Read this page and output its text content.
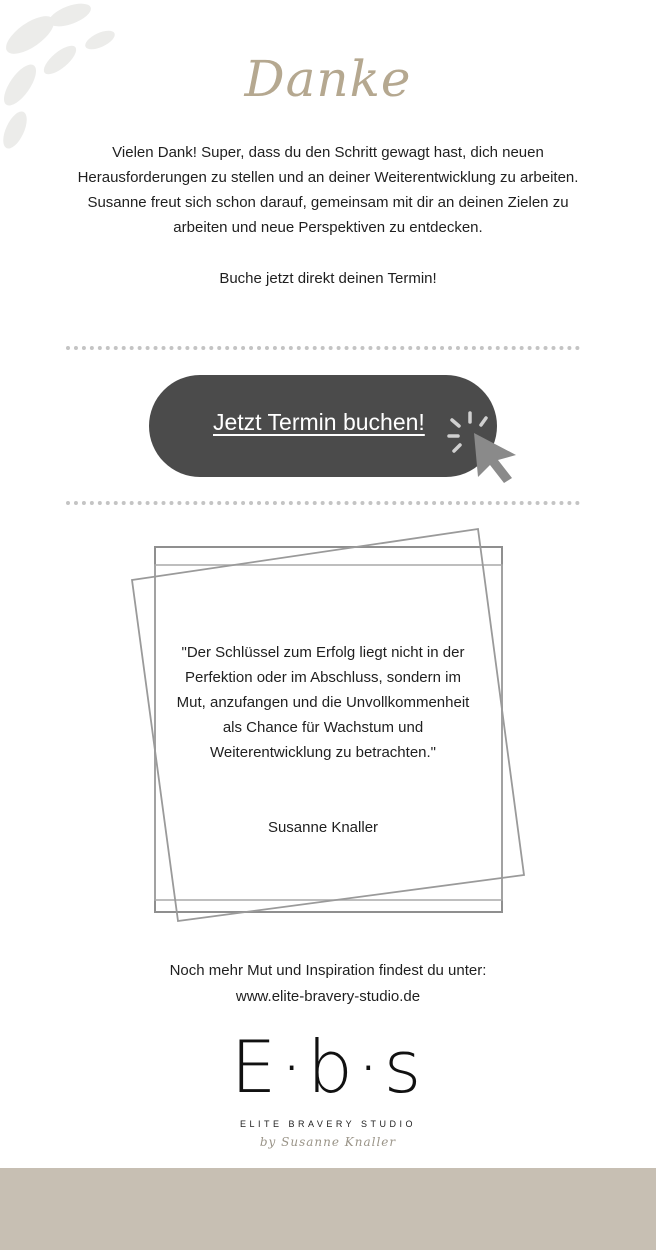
Danke
Vielen Dank! Super, dass du den Schritt gewagt hast, dich neuen Herausforderungen zu stellen und an deiner Weiterentwicklung zu arbeiten. Susanne freut sich schon darauf, gemeinsam mit dir an deinen Zielen zu arbeiten und neue Perspektiven zu entdecken.
Buche jetzt direkt deinen Termin!
Jetzt Termin buchen!
"Der Schlüssel zum Erfolg liegt nicht in der Perfektion oder im Abschluss, sondern im Mut, anzufangen und die Unvollkommenheit als Chance für Wachstum und Weiterentwicklung zu betrachten."
Susanne Knaller
Noch mehr Mut und Inspiration findest du unter:
www.elite-bravery-studio.de
E·b·s
ELITE BRAVERY STUDIO
by Susanne Knaller
